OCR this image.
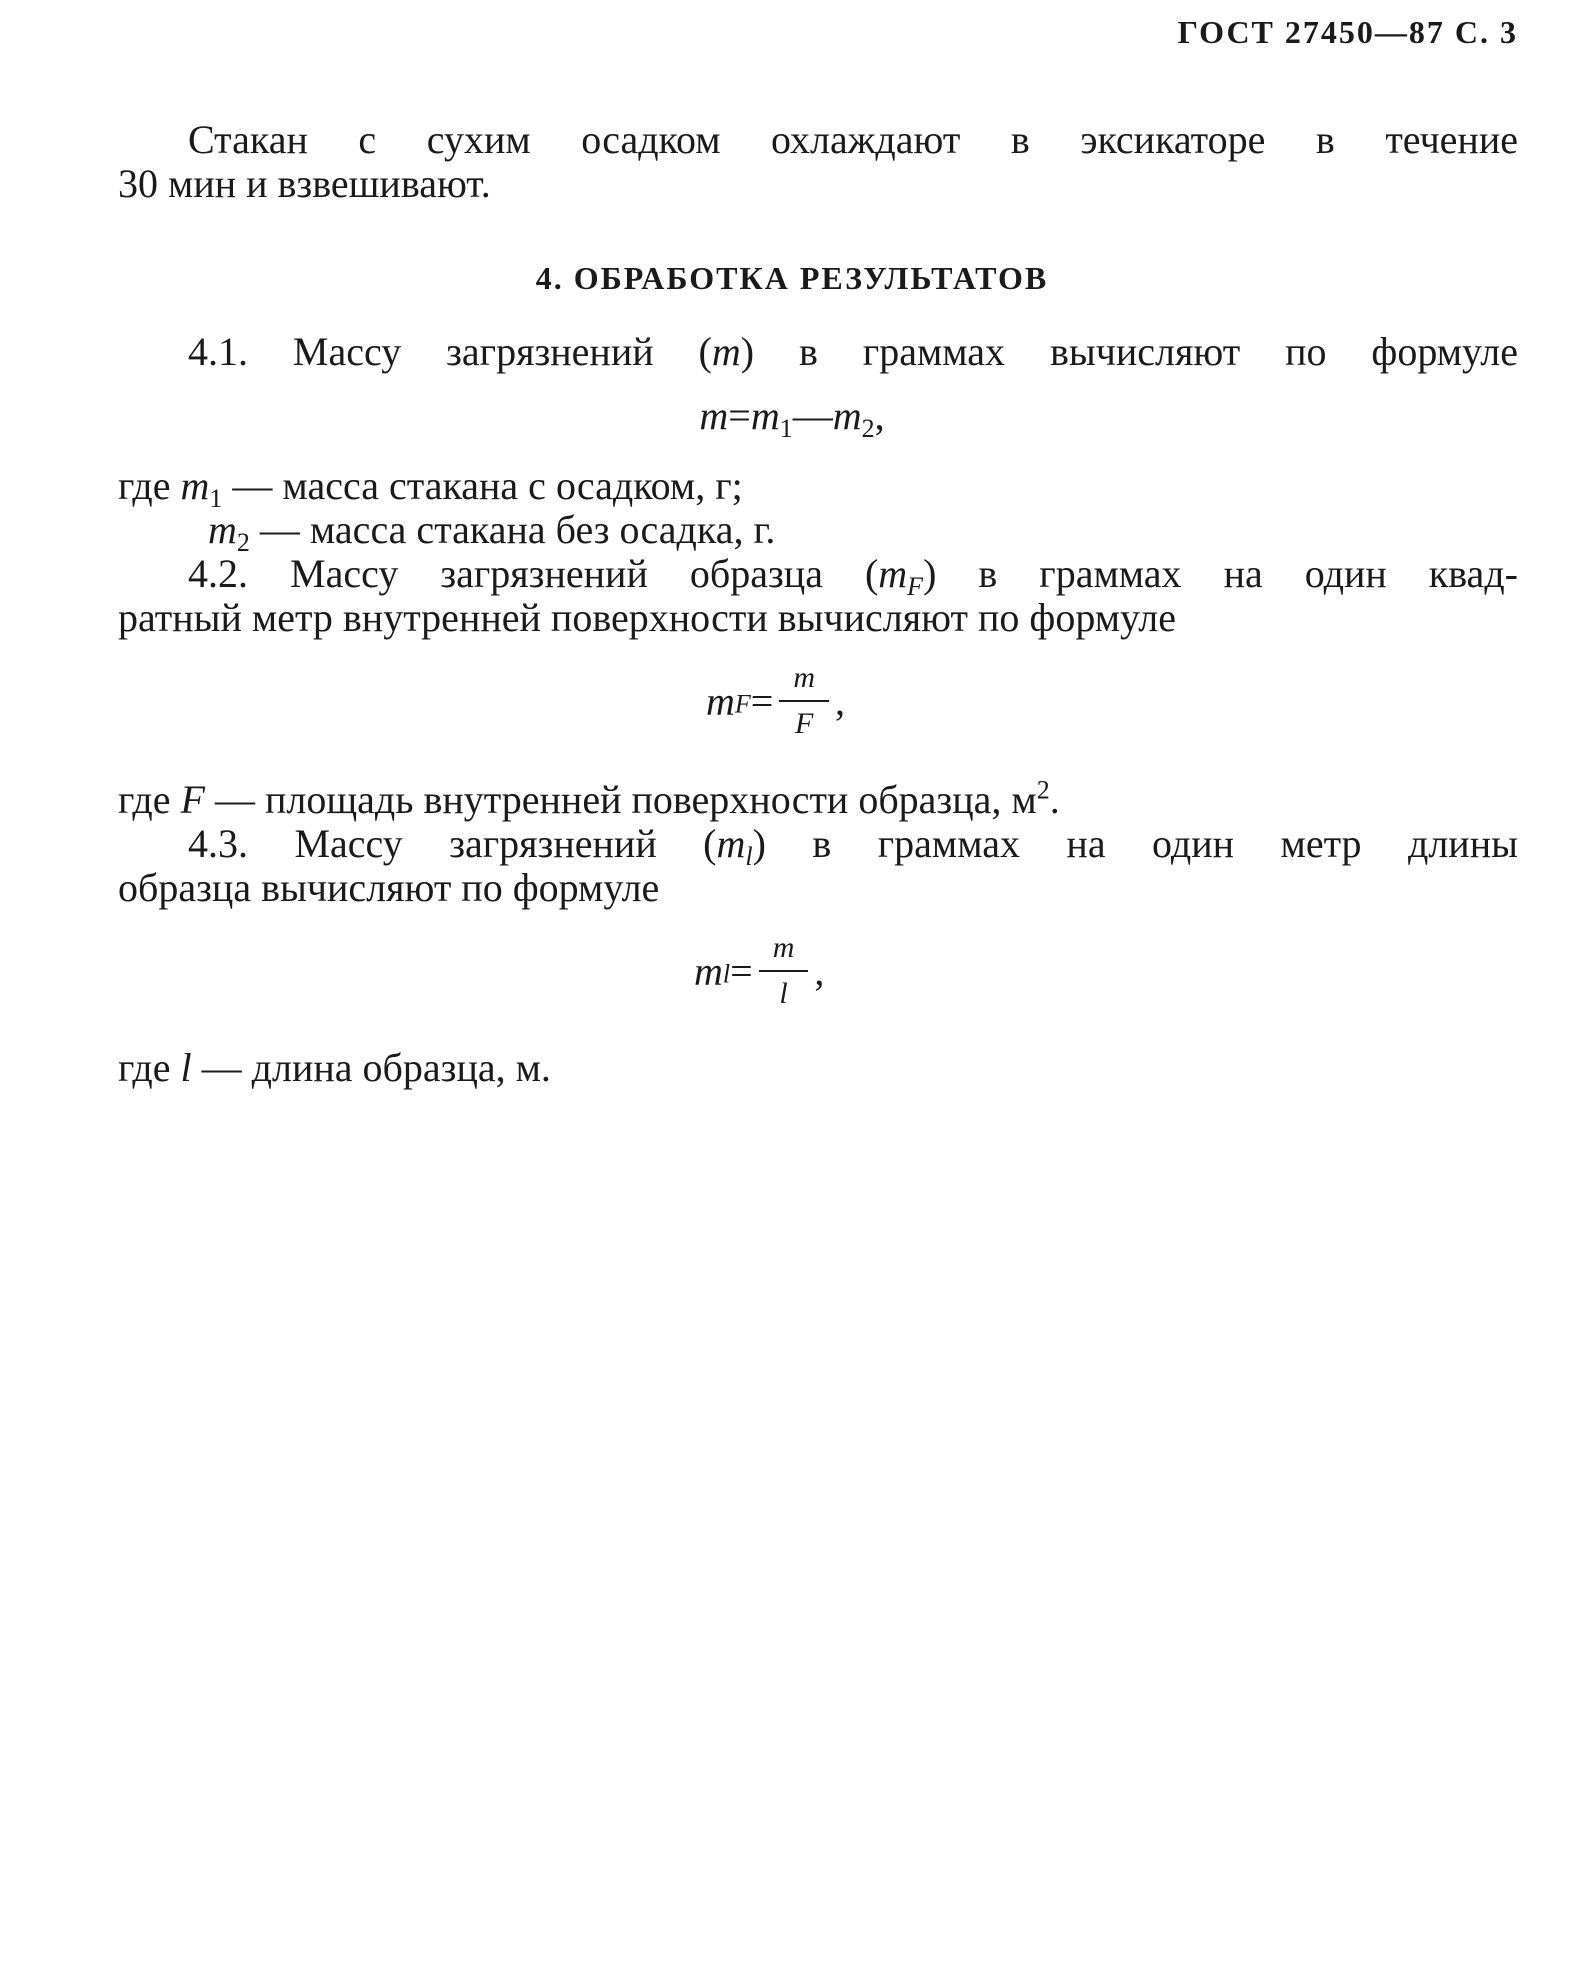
ГОСТ 27450—87 С. 3
Стакан с сухим осадком охлаждают в эксикаторе в течение
30 мин и взвешивают.
4. ОБРАБОТКА РЕЗУЛЬТАТОВ
4.1. Массу загрязнений (m) в граммах вычисляют по формуле
$m=m_1—m_2$,
где $m_1$ — масса стакана с осадком, г;
$m_2$ — масса стакана без осадка, г.
4.2. Массу загрязнений образца $(m_F)$ в граммах на один квад-
ратный метр внутренней поверхности вычисляют по формуле
$m_F= \frac{m}{F}$ ,
где F — площадь внутренней поверхности образца, $м^2$.
4.3. Массу загрязнений $(m_l)$ в граммах на один метр длины
образца вычисляют по формуле
$m_l= \frac{m}{l}$ ,
где l — длина образца, м.
